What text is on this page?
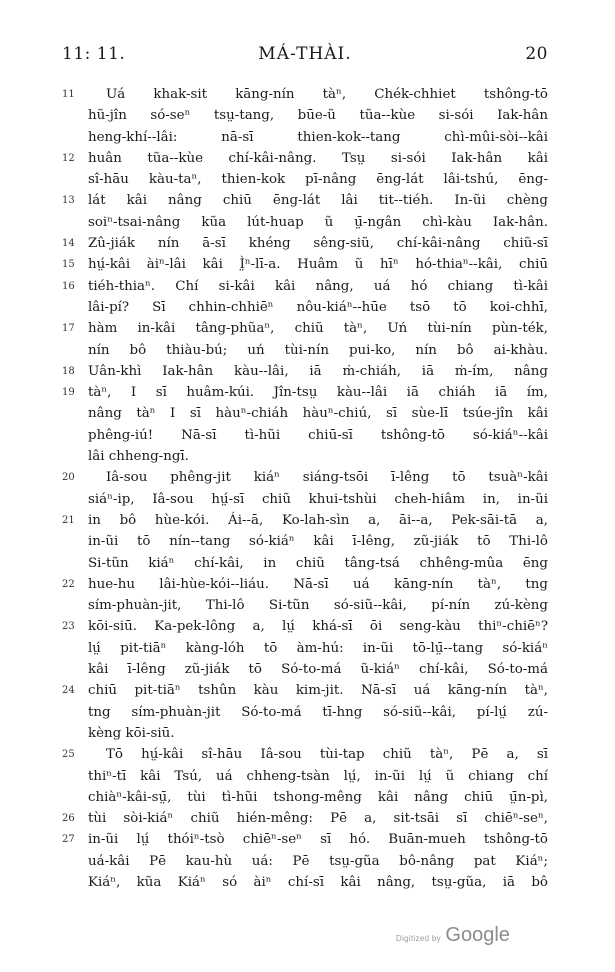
11: 11.	MÁ-THÀI.	20
11	Uá khak-sit kāng-nín tàⁿ, Chék-chhiet tshông-tō
hũ-jîn só-seⁿ tsṳ-tang, būe-ũ tũa--kùe si-sói Iak-hân
heng-khí--lâi: nā-sī thien-kok--tang chì-mûi-sòi--kâi
12 huân tũa--kùe chí-kâi-nâng. Tsṳ si-sói Iak-hân kâi
sî-hāu kàu-taⁿ, thien-kok pī-nâng ēng-lát lâi-tshú, ēng-
13 lát kâi nâng chiū ēng-lát lâi tit--tiéh. In-ũi chèng
soiⁿ-tsai-nâng kũa lút-huap ũ ṳ̄-ngân chì-kàu Iak-hân.
14 Zû-jiák nín ā-sī khéng sêng-siũ, chí-kâi-nâng chiũ-sī
15 hṳ́-kâi àiⁿ-lâi kâi Ì̤ⁿ-lī-a. Huâm ũ hīⁿ hó-thiaⁿ--kâi, chiū
16 tiéh-thiaⁿ. Chí si-kâi kâi nâng, uá hó chiang tì-kâi
lâi-pí? Sī chhin-chhiēⁿ nôu-kiáⁿ--hūe tsō tō koi-chhī,
17 hàm in-kâi tâng-phũaⁿ, chiũ tàⁿ, Uń tùi-nín pùn-ték,
nín bô thiàu-bú; uń tùi-nín pui-ko, nín bô ai-khàu.
18 Uân-khì Iak-hân kàu--lâi, iā ṁ-chiáh, iā ṁ-ím, nâng
19 tàⁿ, I sī huâm-kúi. Jîn-tsṳ kàu--lâi iā chiáh iā ím,
nâng tàⁿ I sī hàuⁿ-chiáh hàuⁿ-chiú, sī sùe-lī tsúe-jîn kâi
phêng-iú! Nā-sī tì-hũi chiū-sī tshông-tō só-kiáⁿ--kâi
lâi chheng-ngī.
20	Iâ-sou phêng-jit kiáⁿ siáng-tsōi ī-lêng tō tsuàⁿ-kâi
siáⁿ-ip, Iâ-sou hṳ́-sī chiũ khui-tshùi cheh-hiâm in, in-ũi
21 in bô hùe-kói. Ái--ā, Ko-lah-sìn a, āi--a, Pek-sāi-tā a,
in-ũi tō nín--tang só-kiáⁿ kâi ī-lêng, zũ-jiák tō Thi-lô
Si-tũn kiáⁿ chí-kâi, in chiũ tâng-tsá chhêng-mûa ēng
22 hue-hu lâi-hùe-kói--liáu. Nā-sī uá kāng-nín tàⁿ, tng
sím-phuàn-jit, Thi-lô Si-tũn só-siũ--kâi, pí-nín zú-kèng
23 kōi-siū. Ka-pek-lông a, lṳ́ khá-sī ōi seng-kàu thiⁿ-chiēⁿ?
lṳ́ pit-tiāⁿ kàng-lóh tō àm-hú: in-ũi tō-lṳ̄--tang só-kiáⁿ
kâi ī-lêng zũ-jiák tō Só-to-má ũ-kiáⁿ chí-kâi, Só-to-má
24 chiū pit-tiāⁿ tshûn kàu kim-jit. Nā-sī uá kāng-nín tàⁿ,
tng sím-phuàn-jit Só-to-má tī-hng só-siũ--kâi, pí-lṳ́ zú-
kèng kōi-siū.
25	Tō hṳ́-kâi sî-hāu Iâ-sou tùi-tap chiũ tàⁿ, Pē a, sī
thiⁿ-tī kâi Tsú, uá chheng-tsàn lṳ́, in-ũi lṳ́ ũ chiang chí
chiàⁿ-kâi-sṳ̄, tùi tì-hũi tshong-mêng kâi nâng chiū ṳ̄n-pì,
26 tùi sòi-kiáⁿ chiũ hién-mêng: Pē a, sit-tsāi sī chiēⁿ-seⁿ,
27 in-ũi lṳ́ thóiⁿ-tsò chiēⁿ-seⁿ sī hó. Buān-mueh tshông-tō
uá-kâi Pē kau-hù uá: Pē tsṳ-gũa bô-nâng pat Kiáⁿ;
Kiáⁿ, kũa Kiáⁿ só àiⁿ chí-sī kâi nâng, tsṳ-gũa, iā bô
Digitized by Google
